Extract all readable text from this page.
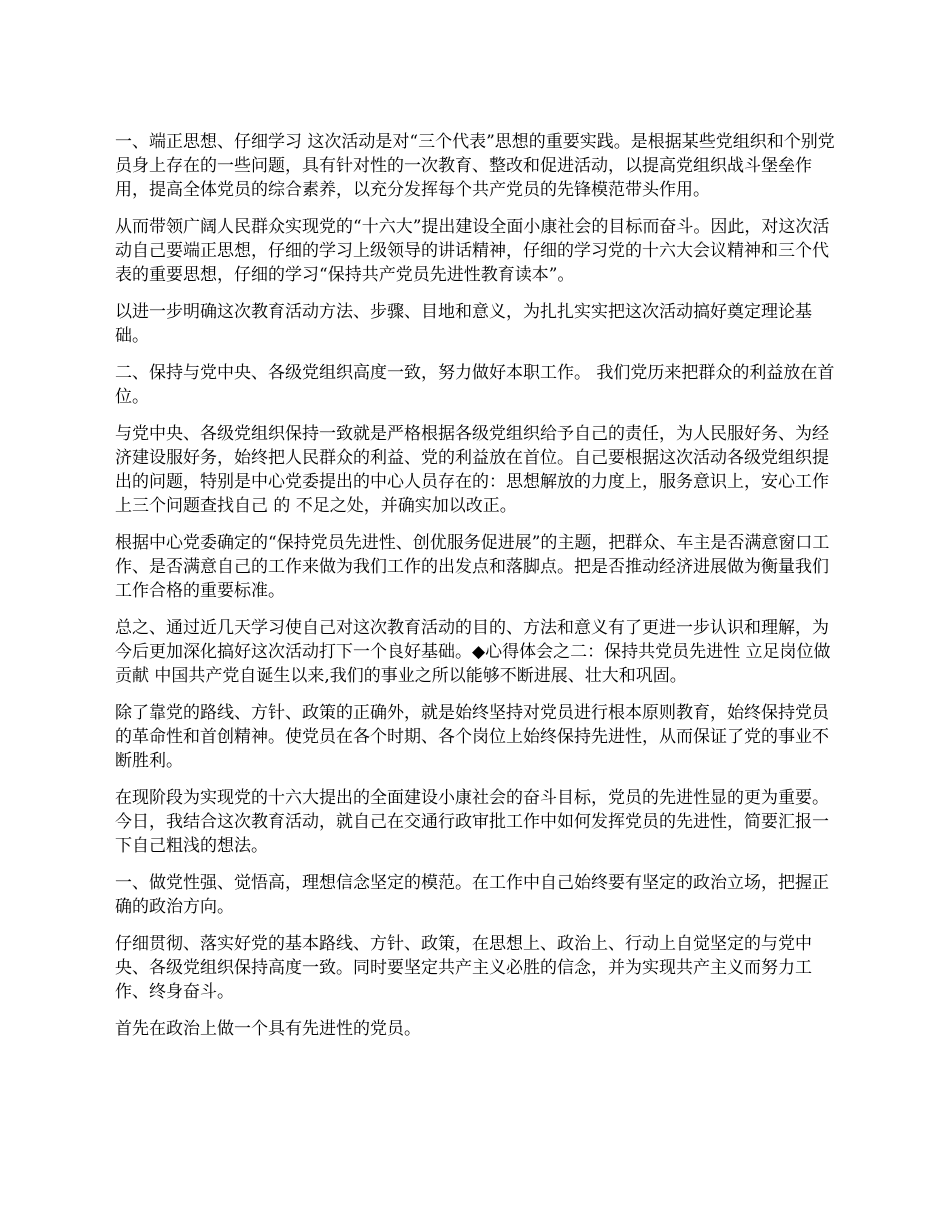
一、端正思想、仔细学习 这次活动是对“三个代表”思想的重要实践。是根据某些党组织和个别党员身上存在的一些问题，具有针对性的一次教育、整改和促进活动，以提高党组织战斗堡垒作用，提高全体党员的综合素养，以充分发挥每个共产党员的先锋模范带头作用。

从而带领广阔人民群众实现党的“十六大”提出建设全面小康社会的目标而奋斗。因此，对这次活动自己要端正思想，仔细的学习上级领导的讲话精神，仔细的学习党的十六大会议精神和三个代表的重要思想，仔细的学习“保持共产党员先进性教育读本”。

以进一步明确这次教育活动方法、步骤、目地和意义，为扎扎实实把这次活动搞好奠定理论基础。

二、保持与党中央、各级党组织高度一致，努力做好本职工作。 我们党历来把群众的利益放在首位。

与党中央、各级党组织保持一致就是严格根据各级党组织给予自己的责任，为人民服好务、为经济建设服好务，始终把人民群众的利益、党的利益放在首位。自己要根据这次活动各级党组织提出的问题，特别是中心党委提出的中心人员存在的：思想解放的力度上，服务意识上，安心工作上三个问题查找自己 的 不足之处，并确实加以改正。

根据中心党委确定的“保持党员先进性、创优服务促进展”的主题，把群众、车主是否满意窗口工作、是否满意自己的工作来做为我们工作的出发点和落脚点。把是否推动经济进展做为衡量我们工作合格的重要标准。

总之、通过近几天学习使自己对这次教育活动的目的、方法和意义有了更进一步认识和理解，为今后更加深化搞好这次活动打下一个良好基础。◆心得体会之二：保持共党员先进性 立足岗位做贡献 中国共产党自诞生以来,我们的事业之所以能够不断进展、壮大和巩固。

除了靠党的路线、方针、政策的正确外，就是始终坚持对党员进行根本原则教育，始终保持党员的革命性和首创精神。使党员在各个时期、各个岗位上始终保持先进性，从而保证了党的事业不断胜利。

在现阶段为实现党的十六大提出的全面建设小康社会的奋斗目标，党员的先进性显的更为重要。今日，我结合这次教育活动，就自己在交通行政审批工作中如何发挥党员的先进性，简要汇报一下自己粗浅的想法。

一、做党性强、觉悟高，理想信念坚定的模范。在工作中自己始终要有坚定的政治立场，把握正确的政治方向。

仔细贯彻、落实好党的基本路线、方针、政策，在思想上、政治上、行动上自觉坚定的与党中央、各级党组织保持高度一致。同时要坚定共产主义必胜的信念，并为实现共产主义而努力工作、终身奋斗。

首先在政治上做一个具有先进性的党员。
